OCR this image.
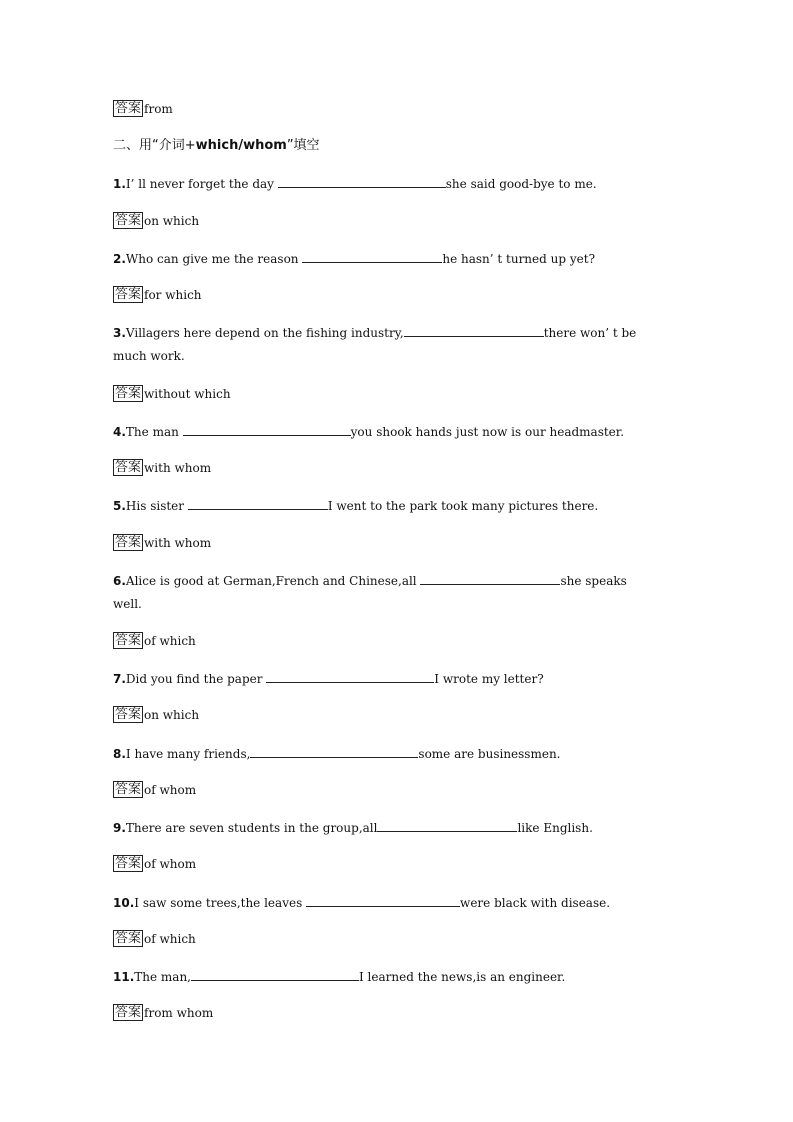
答案 from
二、用“介词+which/whom”填空
1.I’ ll never forget the day	she said good-bye to me.
答案 on which
2.Who can give me the reason	he hasn’ t turned up yet?
答案 for which
3.Villagers here depend on the fishing industry,	there won’ t be
much work.
答案 without which
4.The man	you shook hands just now is our headmaster.
答案 with whom
5.His sister	I went to the park took many pictures there.
答案 with whom
6.Alice is good at German,French and Chinese,all	she speaks
well.
答案 of which
7.Did you find the paper	I wrote my letter?
答案 on which
8.I have many friends,	some are businessmen.
答案 of whom
9.There are seven students in the group,all	like English.
答案 of whom
10.I saw some trees,the leaves	were black with disease.
答案 of which
11.The man,	I learned the news,is an engineer.
答案 from whom
